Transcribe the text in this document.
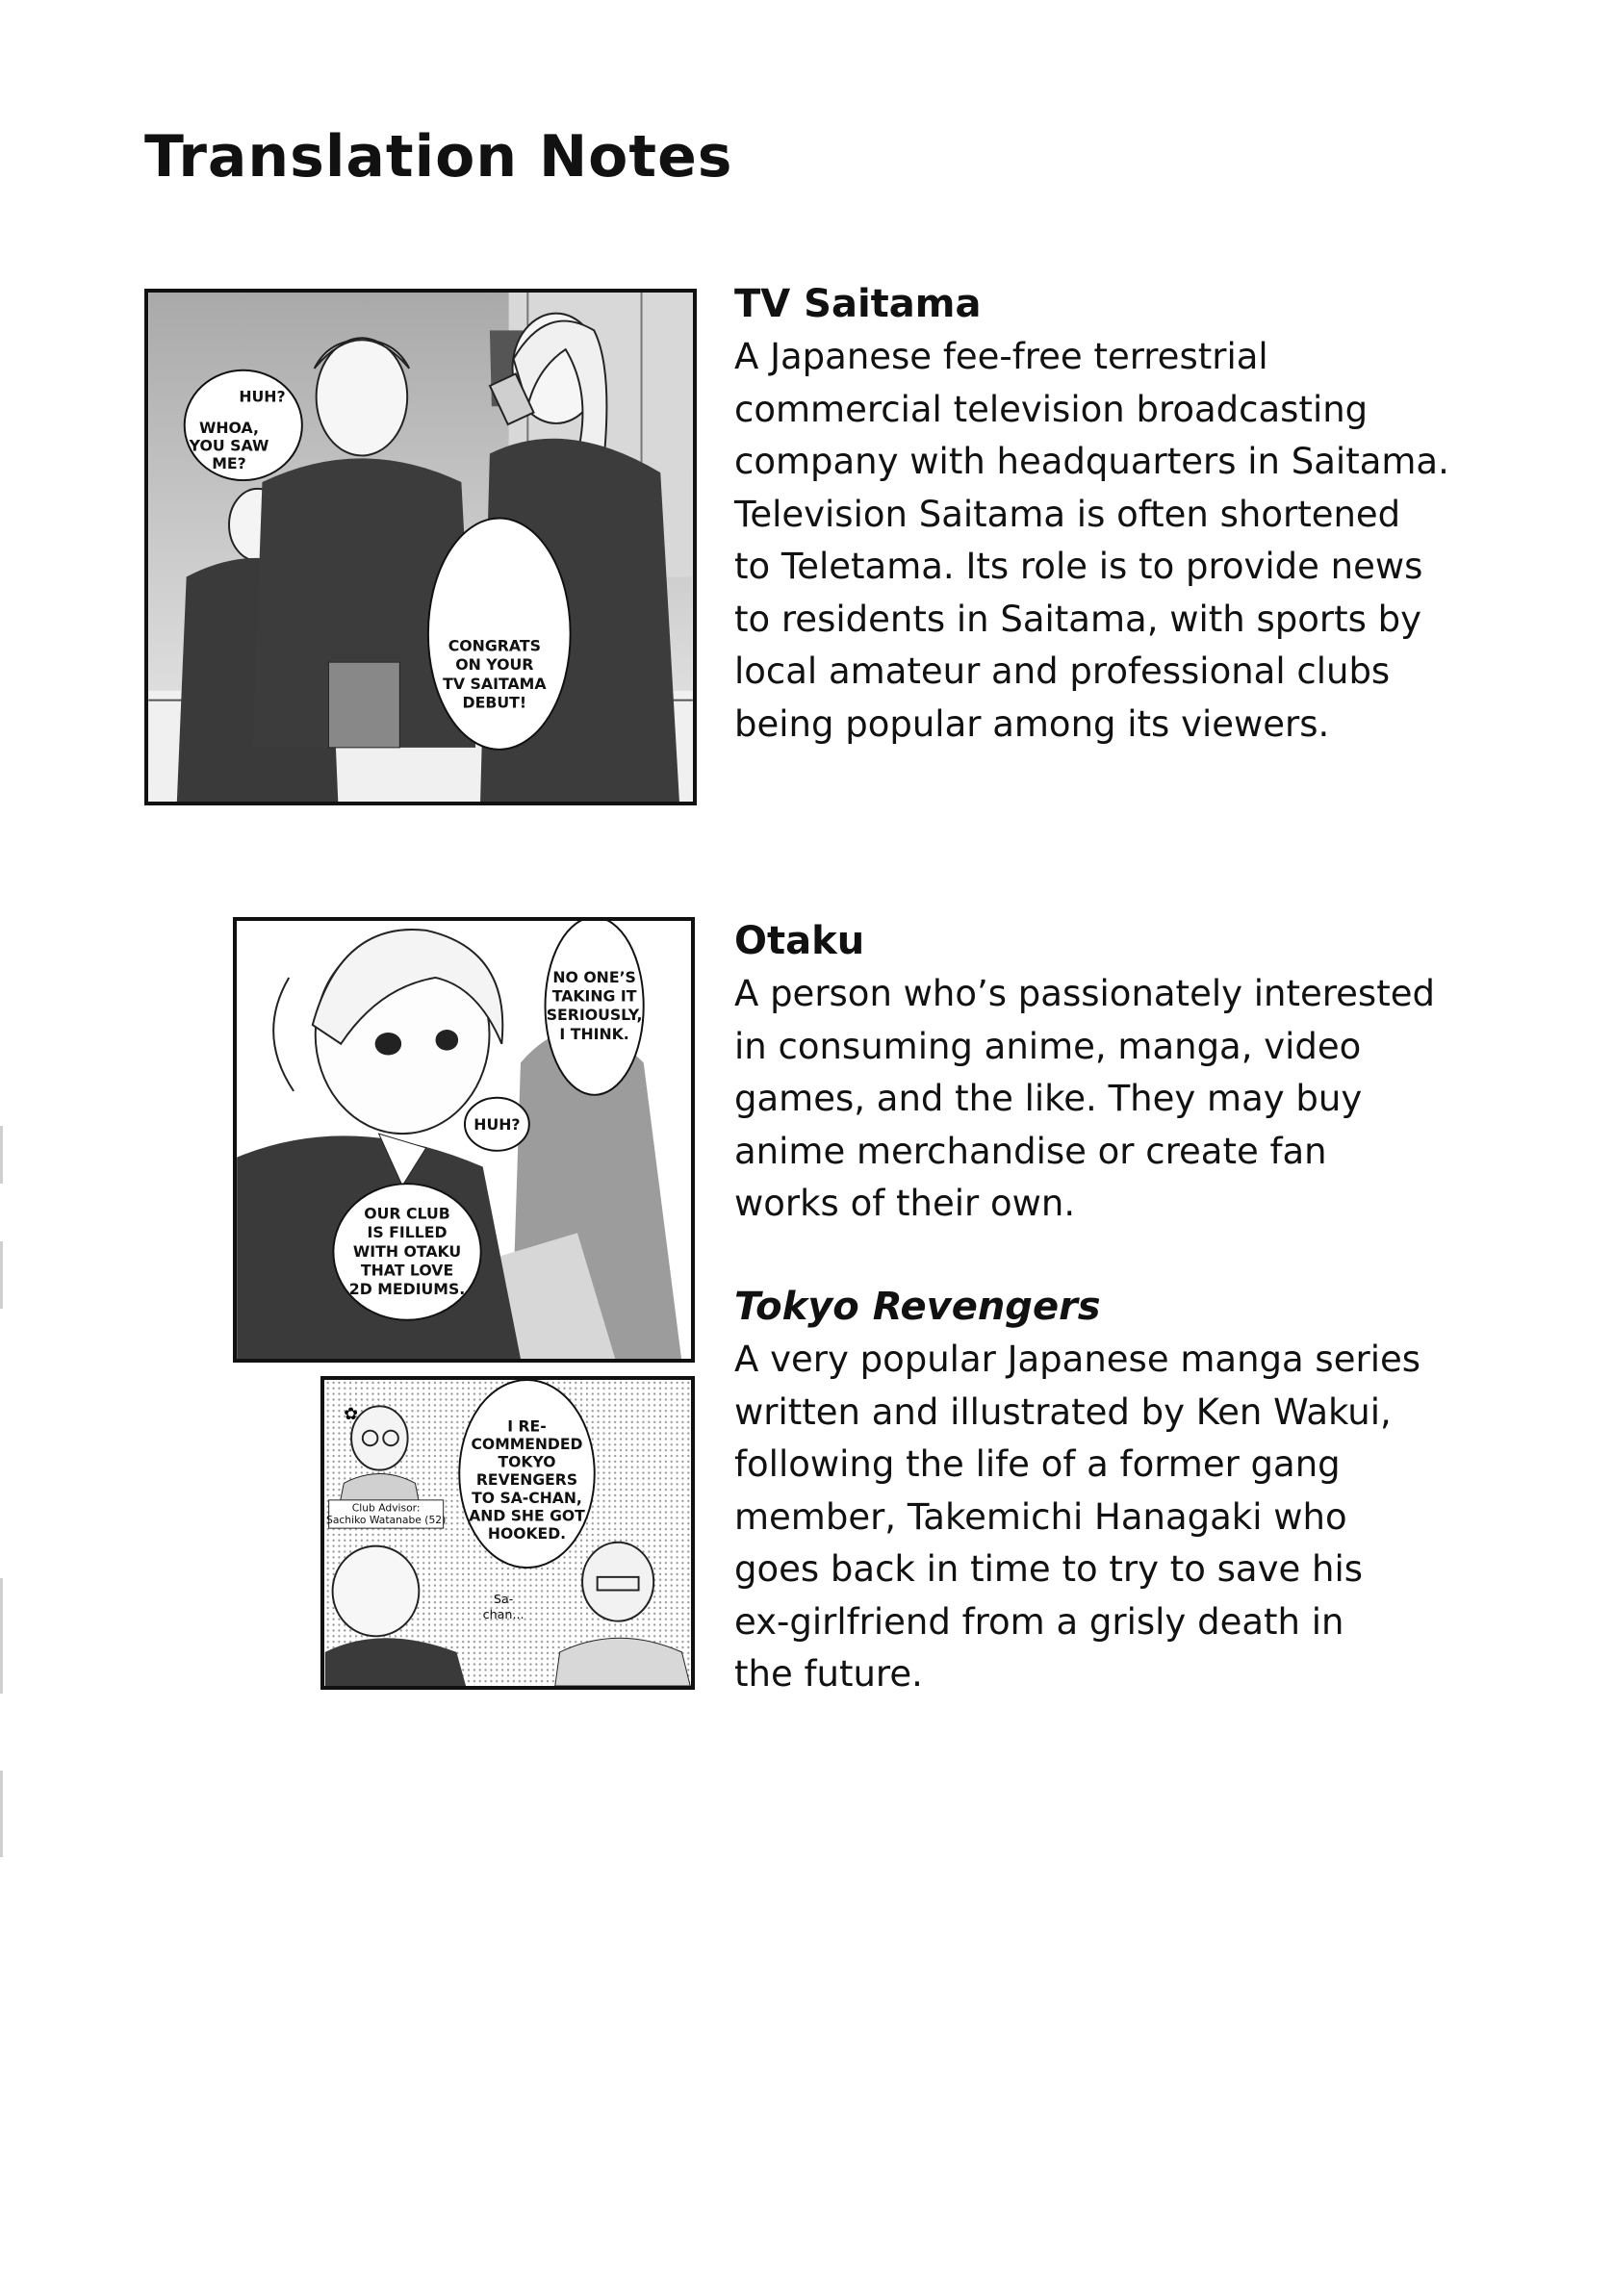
Translation Notes
HUH?
WHOA,
YOU SAW
ME?
CONGRATS
ON YOUR
TV SAITAMA
DEBUT!
NO ONE’S
TAKING IT
SERIOUSLY,
I THINK.
HUH?
OUR CLUB
IS FILLED
WITH OTAKU
THAT LOVE
2D MEDIUMS.
✿
Club Advisor:
Sachiko Watanabe (52)
I RE-
COMMENDED
TOKYO
REVENGERS
TO SA-CHAN,
AND SHE GOT
HOOKED.
Sa-
chan...
TV Saitama

A Japanese fee-free terrestrial

commercial television broadcasting

company with headquarters in Saitama.

Television Saitama is often shortened

to Teletama. Its role is to provide news

to residents in Saitama, with sports by

local amateur and professional clubs

being popular among its viewers.

Otaku

A person who’s passionately interested

in consuming anime, manga, video

games, and the like. They may buy

anime merchandise or create fan

works of their own.

Tokyo Revengers

A very popular Japanese manga series

written and illustrated by Ken Wakui,

following the life of a former gang

member, Takemichi Hanagaki who

goes back in time to try to save his

ex-girlfriend from a grisly death in

the future.
